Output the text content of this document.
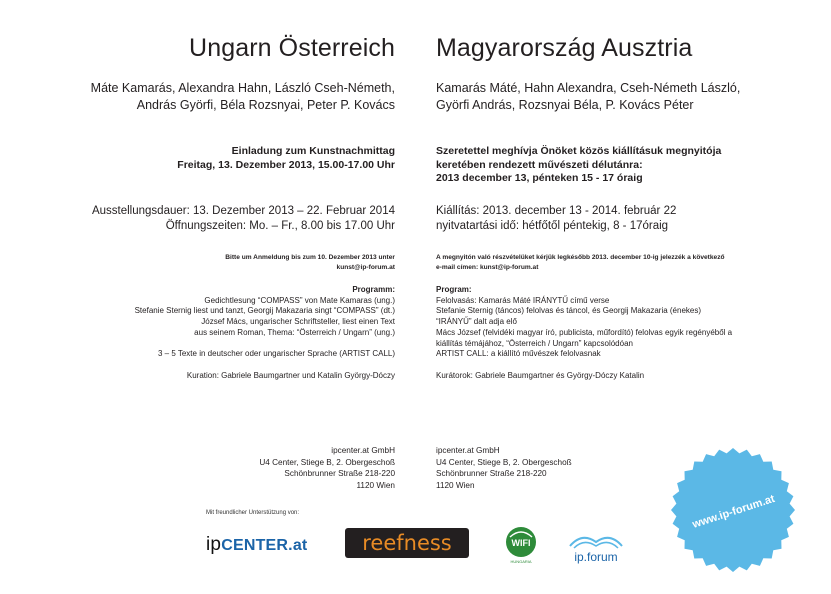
Ungarn Österreich Magyarország Ausztria
Máte Kamarás, Alexandra Hahn, László Cseh-Németh,
András Györfi, Béla Rozsnyai, Peter P. Kovács
Kamarás Máté, Hahn Alexandra, Cseh-Németh László,
Györfi András, Rozsnyai Béla, P. Kovács Péter
Einladung zum Kunstnachmittag
Freitag, 13. Dezember 2013, 15.00-17.00 Uhr
Szeretettel meghívja Önöket közös kiállításuk megnyitója
keretében rendezett művészeti délutánra:
2013 december 13, pénteken 15 - 17 óraig
Ausstellungsdauer: 13. Dezember 2013 – 22. Februar 2014
Öffnungszeiten: Mo. – Fr., 8.00 bis 17.00 Uhr
Kiállítás: 2013. december 13 - 2014. február 22
nyitvatartási idő: hétfőtől péntekig, 8 - 17óraig
Bitte um Anmeldung bis zum 10. Dezember 2013 unter
kunst@ip-forum.at
A megnyitón való részvételüket kérjük legkésőbb 2013. december 10-ig jelezzék a következő
e-mail címen: kunst@ip-forum.at
Programm:
Gedichtlesung “COMPASS” von Mate Kamaras (ung.)
Stefanie Sternig liest und tanzt, Georgij Makazaria singt “COMPASS” (dt.)
József Mács, ungarischer Schriftsteller, liest einen Text
aus seinem Roman, Thema: “Österreich / Ungarn” (ung.)

3 – 5 Texte in deutscher oder ungarischer Sprache (ARTIST CALL)

Kuration: Gabriele Baumgartner und Katalin György-Dóczy
Program:
Felolvasás: Kamarás Máté IRÁNYTŰ című verse
Stefanie Sternig (táncos) felolvas és táncol, és Georgij Makazaria (énekes)
“IRÁNYŰ” dalt adja elő
Mács József (felvidéki magyar író, publicista, műfordító) felolvas egyik regényéből a
kiállítás témájához, “Österreich / Ungarn” kapcsolódóan
ARTIST CALL: a kiállító művészek felolvasnak

Kurátorok: Gabriele Baumgartner és György-Dóczy Katalin
ipcenter.at GmbH
U4 Center, Stiege B, 2. Obergeschoß
Schönbrunner Straße 218-220
1120 Wien
ipcenter.at GmbH
U4 Center, Stiege B, 2. Obergeschoß
Schönbrunner Straße 218-220
1120 Wien
Mit freundlicher Unterstützung von:
ipCENTER.at	reefness	WIFI
HUNGARIA	ip.forum
www.ip-forum.at
